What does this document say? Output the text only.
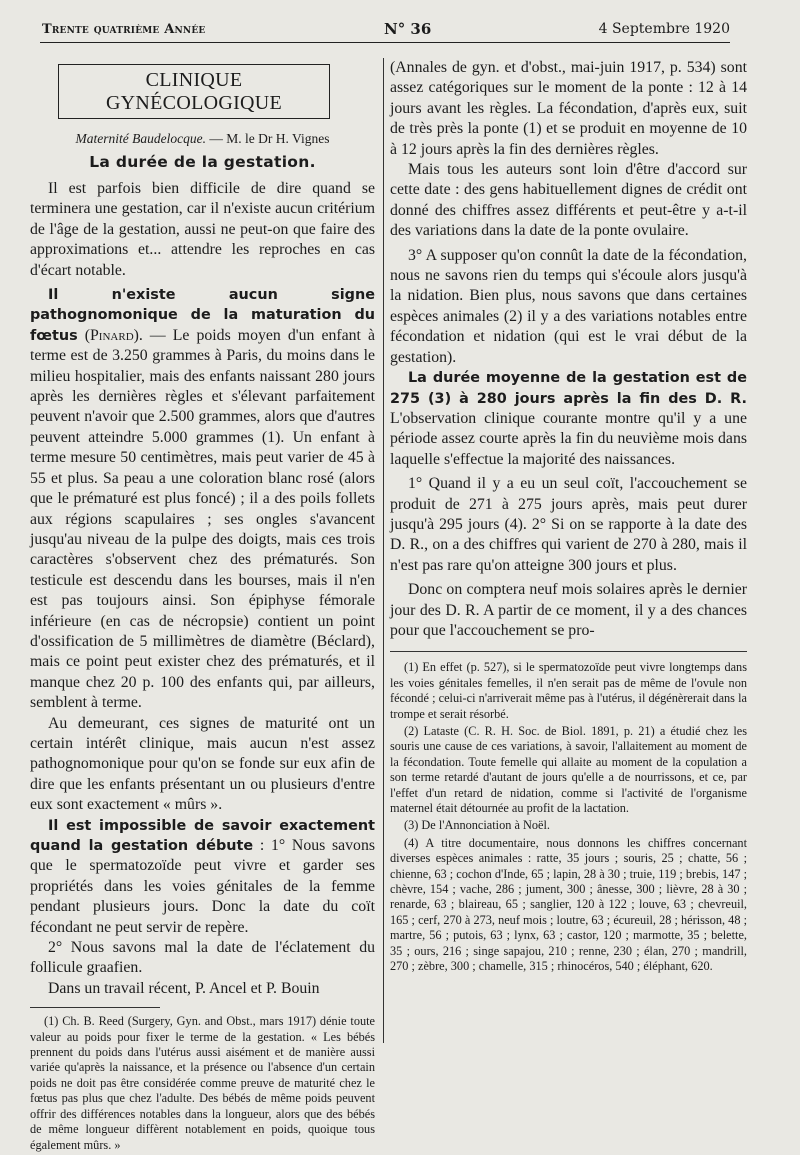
Trente quatrième Année	N° 36	4 Septembre 1920
CLINIQUE GYNÉCOLOGIQUE
Maternité Baudelocque. — M. le Dr H. Vignes
La durée de la gestation.

Il est parfois bien difficile de dire quand se terminera une gestation, car il n'existe aucun critérium de l'âge de la gestation, aussi ne peut-on que faire des approximations et... attendre les reproches en cas d'écart notable.

Il n'existe aucun signe pathognomonique de la maturation du fœtus (Pinard). — Le poids moyen d'un enfant à terme est de 3.250 grammes à Paris, du moins dans le milieu hospitalier, mais des enfants naissant 280 jours après les dernières règles et s'élevant parfaitement peuvent n'avoir que 2.500 grammes, alors que d'autres peuvent atteindre 5.000 grammes (1). Un enfant à terme mesure 50 centimètres, mais peut varier de 45 à 55 et plus. Sa peau a une coloration blanc rosé (alors que le prématuré est plus foncé) ; il a des poils follets aux régions scapulaires ; ses ongles s'avancent jusqu'au niveau de la pulpe des doigts, mais ces trois caractères s'observent chez des prématurés. Son testicule est descendu dans les bourses, mais il n'en est pas toujours ainsi. Son épiphyse fémorale inférieure (en cas de nécropsie) contient un point d'ossification de 5 millimètres de diamètre (Béclard), mais ce point peut exister chez des prématurés, et il manque chez 20 p. 100 des enfants qui, par ailleurs, semblent à terme.

Au demeurant, ces signes de maturité ont un certain intérêt clinique, mais aucun n'est assez pathognomonique pour qu'on se fonde sur eux afin de dire que les enfants présentant un ou plusieurs d'entre eux sont exactement « mûrs ».

Il est impossible de savoir exactement quand la gestation débute : 1° Nous savons que le spermatozoïde peut vivre et garder ses propriétés dans les voies génitales de la femme pendant plusieurs jours. Donc la date du coït fécondant ne peut servir de repère.

2° Nous savons mal la date de l'éclatement du follicule graafien.

Dans un travail récent, P. Ancel et P. Bouin

(1) Ch. B. Reed (Surgery, Gyn. and Obst., mars 1917) dénie toute valeur au poids pour fixer le terme de la gestation. « Les bébés prennent du poids dans l'utérus aussi aisément et de manière aussi variée qu'après la naissance, et la présence ou l'absence d'un certain poids ne doit pas être considérée comme preuve de maturité chez le fœtus pas plus que chez l'adulte. Des bébés de même poids peuvent offrir des différences notables dans la longueur, alors que des bébés de même longueur diffèrent notablement en poids, quoique tous également mûrs. »

(Annales de gyn. et d'obst., mai-juin 1917, p. 534) sont assez catégoriques sur le moment de la ponte : 12 à 14 jours avant les règles. La fécondation, d'après eux, suit de très près la ponte (1) et se produit en moyenne de 10 à 12 jours après la fin des dernières règles.

Mais tous les auteurs sont loin d'être d'accord sur cette date : des gens habituellement dignes de crédit ont donné des chiffres assez différents et peut-être y a-t-il des variations dans la date de la ponte ovulaire.

3° A supposer qu'on connût la date de la fécondation, nous ne savons rien du temps qui s'écoule alors jusqu'à la nidation. Bien plus, nous savons que dans certaines espèces animales (2) il y a des variations notables entre fécondation et nidation (qui est le vrai début de la gestation).

La durée moyenne de la gestation est de 275 (3) à 280 jours après la fin des D. R. L'observation clinique courante montre qu'il y a une période assez courte après la fin du neuvième mois dans laquelle s'effectue la majorité des naissances.

1° Quand il y a eu un seul coït, l'accouchement se produit de 271 à 275 jours après, mais peut durer jusqu'à 295 jours (4). 2° Si on se rapporte à la date des D. R., on a des chiffres qui varient de 270 à 280, mais il n'est pas rare qu'on atteigne 300 jours et plus.

Donc on comptera neuf mois solaires après le dernier jour des D. R. A partir de ce moment, il y a des chances pour que l'accouchement se pro-

(1) En effet (p. 527), si le spermatozoïde peut vivre longtemps dans les voies génitales femelles, il n'en serait pas de même de l'ovule non fécondé ; celui-ci n'arriverait même pas à l'utérus, il dégénèrerait dans la trompe et serait résorbé.
(2) Lataste (C. R. H. Soc. de Biol. 1891, p. 21) a étudié chez les souris une cause de ces variations, à savoir, l'allaitement au moment de la fécondation. Toute femelle qui allaite au moment de la copulation a son terme retardé d'autant de jours qu'elle a de nourrissons, et ce, par l'effet d'un retard de nidation, comme si l'activité de l'organisme maternel était détournée au profit de la lactation.
(3) De l'Annonciation à Noël.
(4) A titre documentaire, nous donnons les chiffres concernant diverses espèces animales : ratte, 35 jours ; souris, 25 ; chatte, 56 ; chienne, 63 ; cochon d'Inde, 65 ; lapin, 28 à 30 ; truie, 119 ; brebis, 147 ; chèvre, 154 ; vache, 286 ; jument, 300 ; ânesse, 300 ; lièvre, 28 à 30 ; renarde, 63 ; blaireau, 65 ; sanglier, 120 à 122 ; louve, 63 ; chevreuil, 165 ; cerf, 270 à 273, neuf mois ; loutre, 63 ; écureuil, 28 ; hérisson, 48 ; martre, 56 ; putois, 63 ; lynx, 63 ; castor, 120 ; marmotte, 35 ; belette, 35 ; ours, 216 ; singe sapajou, 210 ; renne, 230 ; élan, 270 ; mandrill, 270 ; zèbre, 300 ; chamelle, 315 ; rhinocéros, 540 ; éléphant, 620.
